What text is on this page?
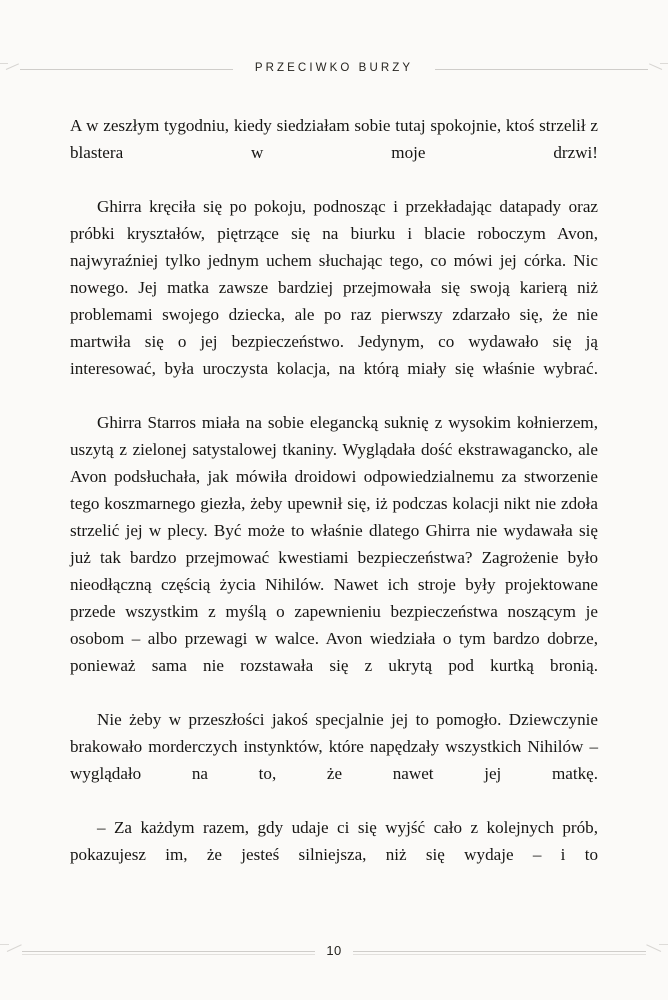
PRZECIWKO BURZY

A w zeszłym tygodniu, kiedy siedziałam sobie tutaj spokojnie, ktoś strzelił z blastera w moje drzwi!

Ghirra kręciła się po pokoju, podnosząc i przekładając datapady oraz próbki kryształów, piętrzące się na biurku i blacie roboczym Avon, najwyraźniej tylko jednym uchem słuchając tego, co mówi jej córka. Nic nowego. Jej matka zawsze bardziej przejmowała się swoją karierą niż problemami swojego dziecka, ale po raz pierwszy zdarzało się, że nie martwiła się o jej bezpieczeństwo. Jedynym, co wydawało się ją interesować, była uroczysta kolacja, na którą miały się właśnie wybrać.

Ghirra Starros miała na sobie elegancką suknię z wysokim kołnierzem, uszytą z zielonej satystalowej tkaniny. Wyglądała dość ekstrawagancko, ale Avon podsłuchała, jak mówiła droidowi odpowiedzialnemu za stworzenie tego koszmarnego giezła, żeby upewnił się, iż podczas kolacji nikt nie zdoła strzelić jej w plecy. Być może to właśnie dlatego Ghirra nie wydawała się już tak bardzo przejmować kwestiami bezpieczeństwa? Zagrożenie było nieodłączną częścią życia Nihilów. Nawet ich stroje były projektowane przede wszystkim z myślą o zapewnieniu bezpieczeństwa noszącym je osobom – albo przewagi w walce. Avon wiedziała o tym bardzo dobrze, ponieważ sama nie rozstawała się z ukrytą pod kurtką bronią.

Nie żeby w przeszłości jakoś specjalnie jej to pomogło. Dziewczynie brakowało morderczych instynktów, które napędzały wszystkich Nihilów – wyglądało na to, że nawet jej matkę.

– Za każdym razem, gdy udaje ci się wyjść cało z kolejnych prób, pokazujesz im, że jesteś silniejsza, niż się wydaje – i to

10
